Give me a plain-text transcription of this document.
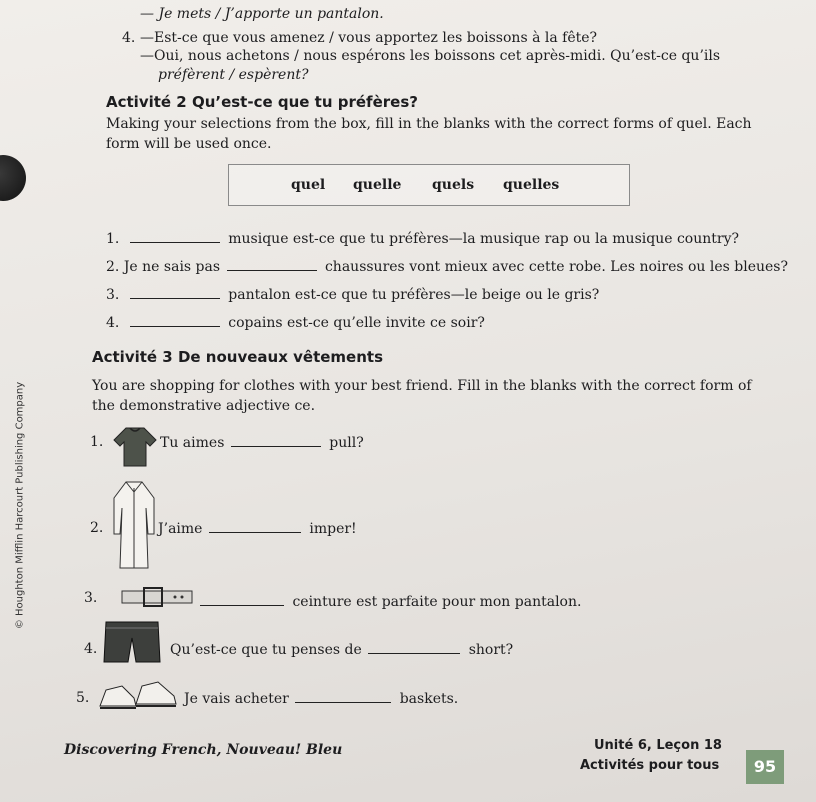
— Je mets / J’apporte un pantalon.
4. —Est-ce que vous amenez / vous apportez les boissons à la fête?
—Oui, nous achetons / nous espérons les boissons cet après-midi. Qu’est-ce qu’ils
préfèrent / espèrent?
Activité 2 Qu’est-ce que tu préfères?
Making your selections from the box, fill in the blanks with the correct forms of quel. Each
form will be used once.
quel quelle quels quelles
1.	musique est-ce que tu préfères—la musique rap ou la musique country?
2. Je ne sais pas	chaussures vont mieux avec cette robe. Les noires ou les bleues?
3.	pantalon est-ce que tu préfères—le beige ou le gris?
4.	copains est-ce qu’elle invite ce soir?
Activité 3 De nouveaux vêtements
You are shopping for clothes with your best friend. Fill in the blanks with the correct form of
the demonstrative adjective ce.
1.	Tu aimes	pull?
2.	J’aime	imper!
3.	ceinture est parfaite pour mon pantalon.
4.	Qu’est-ce que tu penses de	short?
5.	Je vais acheter	baskets.
© Houghton Mifflin Harcourt Publishing Company
Discovering French, Nouveau! Bleu	Unité 6, Leçon 18
Activités pour tous	95
